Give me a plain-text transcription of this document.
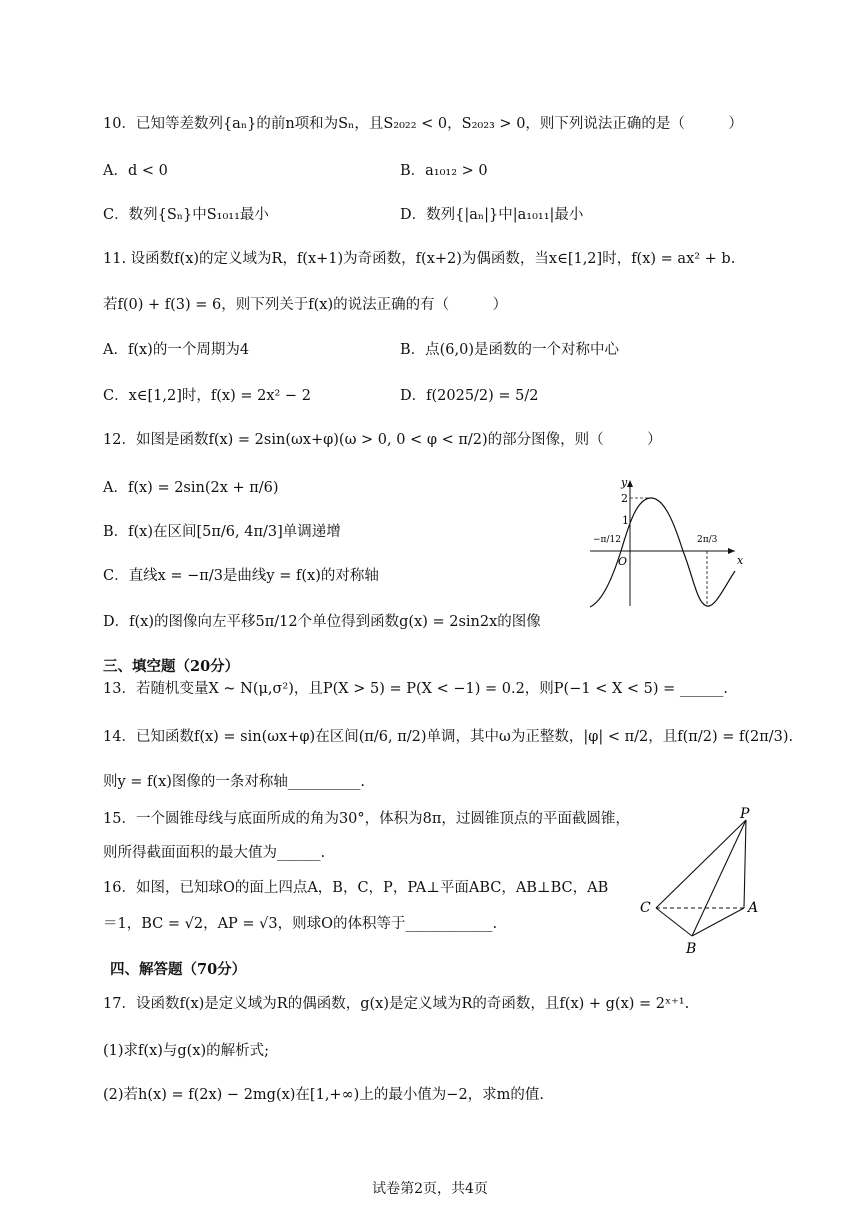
10．已知等差数列{aₙ}的前n项和为Sₙ，且S₂₀₂₂ < 0，S₂₀₂₃ > 0，则下列说法正确的是（　　　）
A．d < 0	B．a₁₀₁₂ > 0
C．数列{Sₙ}中S₁₀₁₁最小	D．数列{|aₙ|}中|a₁₀₁₁|最小
11. 设函数f(x)的定义域为R，f(x+1)为奇函数，f(x+2)为偶函数，当x∈[1,2]时，f(x) = ax² + b.
若f(0) + f(3) = 6，则下列关于f(x)的说法正确的有（　　　）
A．f(x)的一个周期为4	B．点(6,0)是函数的一个对称中心
C．x∈[1,2]时，f(x) = 2x² − 2	D．f(2025/2) = 5/2
12．如图是函数f(x) = 2sin(ωx+φ)(ω > 0, 0 < φ < π/2)的部分图像，则（　　　）
A．f(x) = 2sin(2x + π/6)
B．f(x)在区间[5π/6, 4π/3]单调递增
C．直线x = −π/3是曲线y = f(x)的对称轴
D．f(x)的图像向左平移5π/12个单位得到函数g(x) = 2sin2x的图像
y
x
O
2
1
−π/12	2π/3
三、填空题（20分）
13．若随机变量X ~ N(μ,σ²)，且P(X > 5) = P(X < −1) = 0.2，则P(−1 < X < 5) = ______.
14．已知函数f(x) = sin(ωx+φ)在区间(π/6, π/2)单调，其中ω为正整数，|φ| < π/2，且f(π/2) = f(2π/3).
则y = f(x)图像的一条对称轴__________.
15．一个圆锥母线与底面所成的角为30°，体积为8π，过圆锥顶点的平面截圆锥，
则所得截面面积的最大值为______.
16．如图，已知球O的面上四点A，B，C，P，PA⊥平面ABC，AB⊥BC，AB
＝1，BC = √2，AP = √3，则球O的体积等于____________.
P
A
B
C
四、解答题（70分）
17．设函数f(x)是定义域为R的偶函数，g(x)是定义域为R的奇函数，且f(x) + g(x) = 2ˣ⁺¹.
(1)求f(x)与g(x)的解析式;
(2)若h(x) = f(2x) − 2mg(x)在[1,+∞)上的最小值为−2，求m的值.
试卷第2页，共4页
